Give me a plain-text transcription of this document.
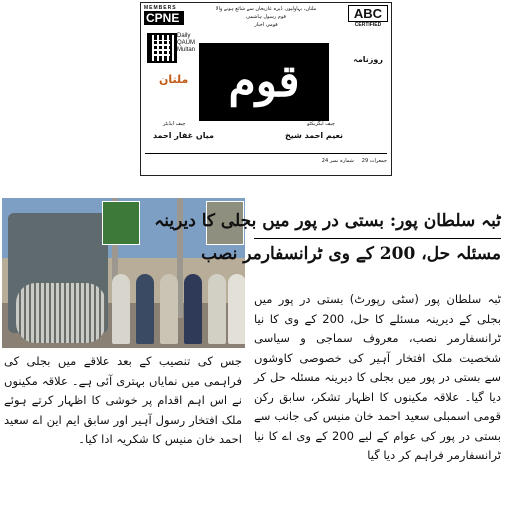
MEMBERS
CPNE	ABC
CERTIFIED
ملتان، بہاولپور، ڈیرہ غازیخان سے شائع ہونے والا
قوم رسول ہاشمی
قومی اخبار
Daily
QAUM
Multan
قوم	روزنامہ
ملتان
چیف ایگزیکٹو
نعیم احمد شیخ
چیف ایڈیٹر
میاں غفار احمد
جمعرات 29     شمارہ نمبر 24
ٹبہ سلطان پور: بستی در پور میں بجلی کا دیرینہ
مسئلہ حل، 200 کے وی ٹرانسفارمر نصب

ٹبہ سلطان پور (سٹی رپورٹ) بستی در پور میں بجلی کے دیرینہ مسئلے کا حل، 200 کے وی کا نیا ٹرانسفارمر نصب، معروف سماجی و سیاسی شخصیت ملک افتخار آہیر کی خصوصی کاوشوں سے بستی در پور میں بجلی کا دیرینہ مسئلہ حل کر دیا گیا۔ علاقہ مکینوں کا اظہار تشکر، سابق رکن قومی اسمبلی سعید احمد خان منیس کی جانب سے بستی در پور کی عوام کے لیے 200 کے وی اے کا نیا ٹرانسفارمر فراہم کر دیا گیا

جس کی تنصیب کے بعد علاقے میں بجلی کی فراہمی میں نمایاں بہتری آئی ہے۔ علاقہ مکینوں نے اس اہم اقدام پر خوشی کا اظہار کرتے ہوئے ملک افتخار رسول آہیر اور سابق ایم این اے سعید احمد خان منیس کا شکریہ ادا کیا۔
